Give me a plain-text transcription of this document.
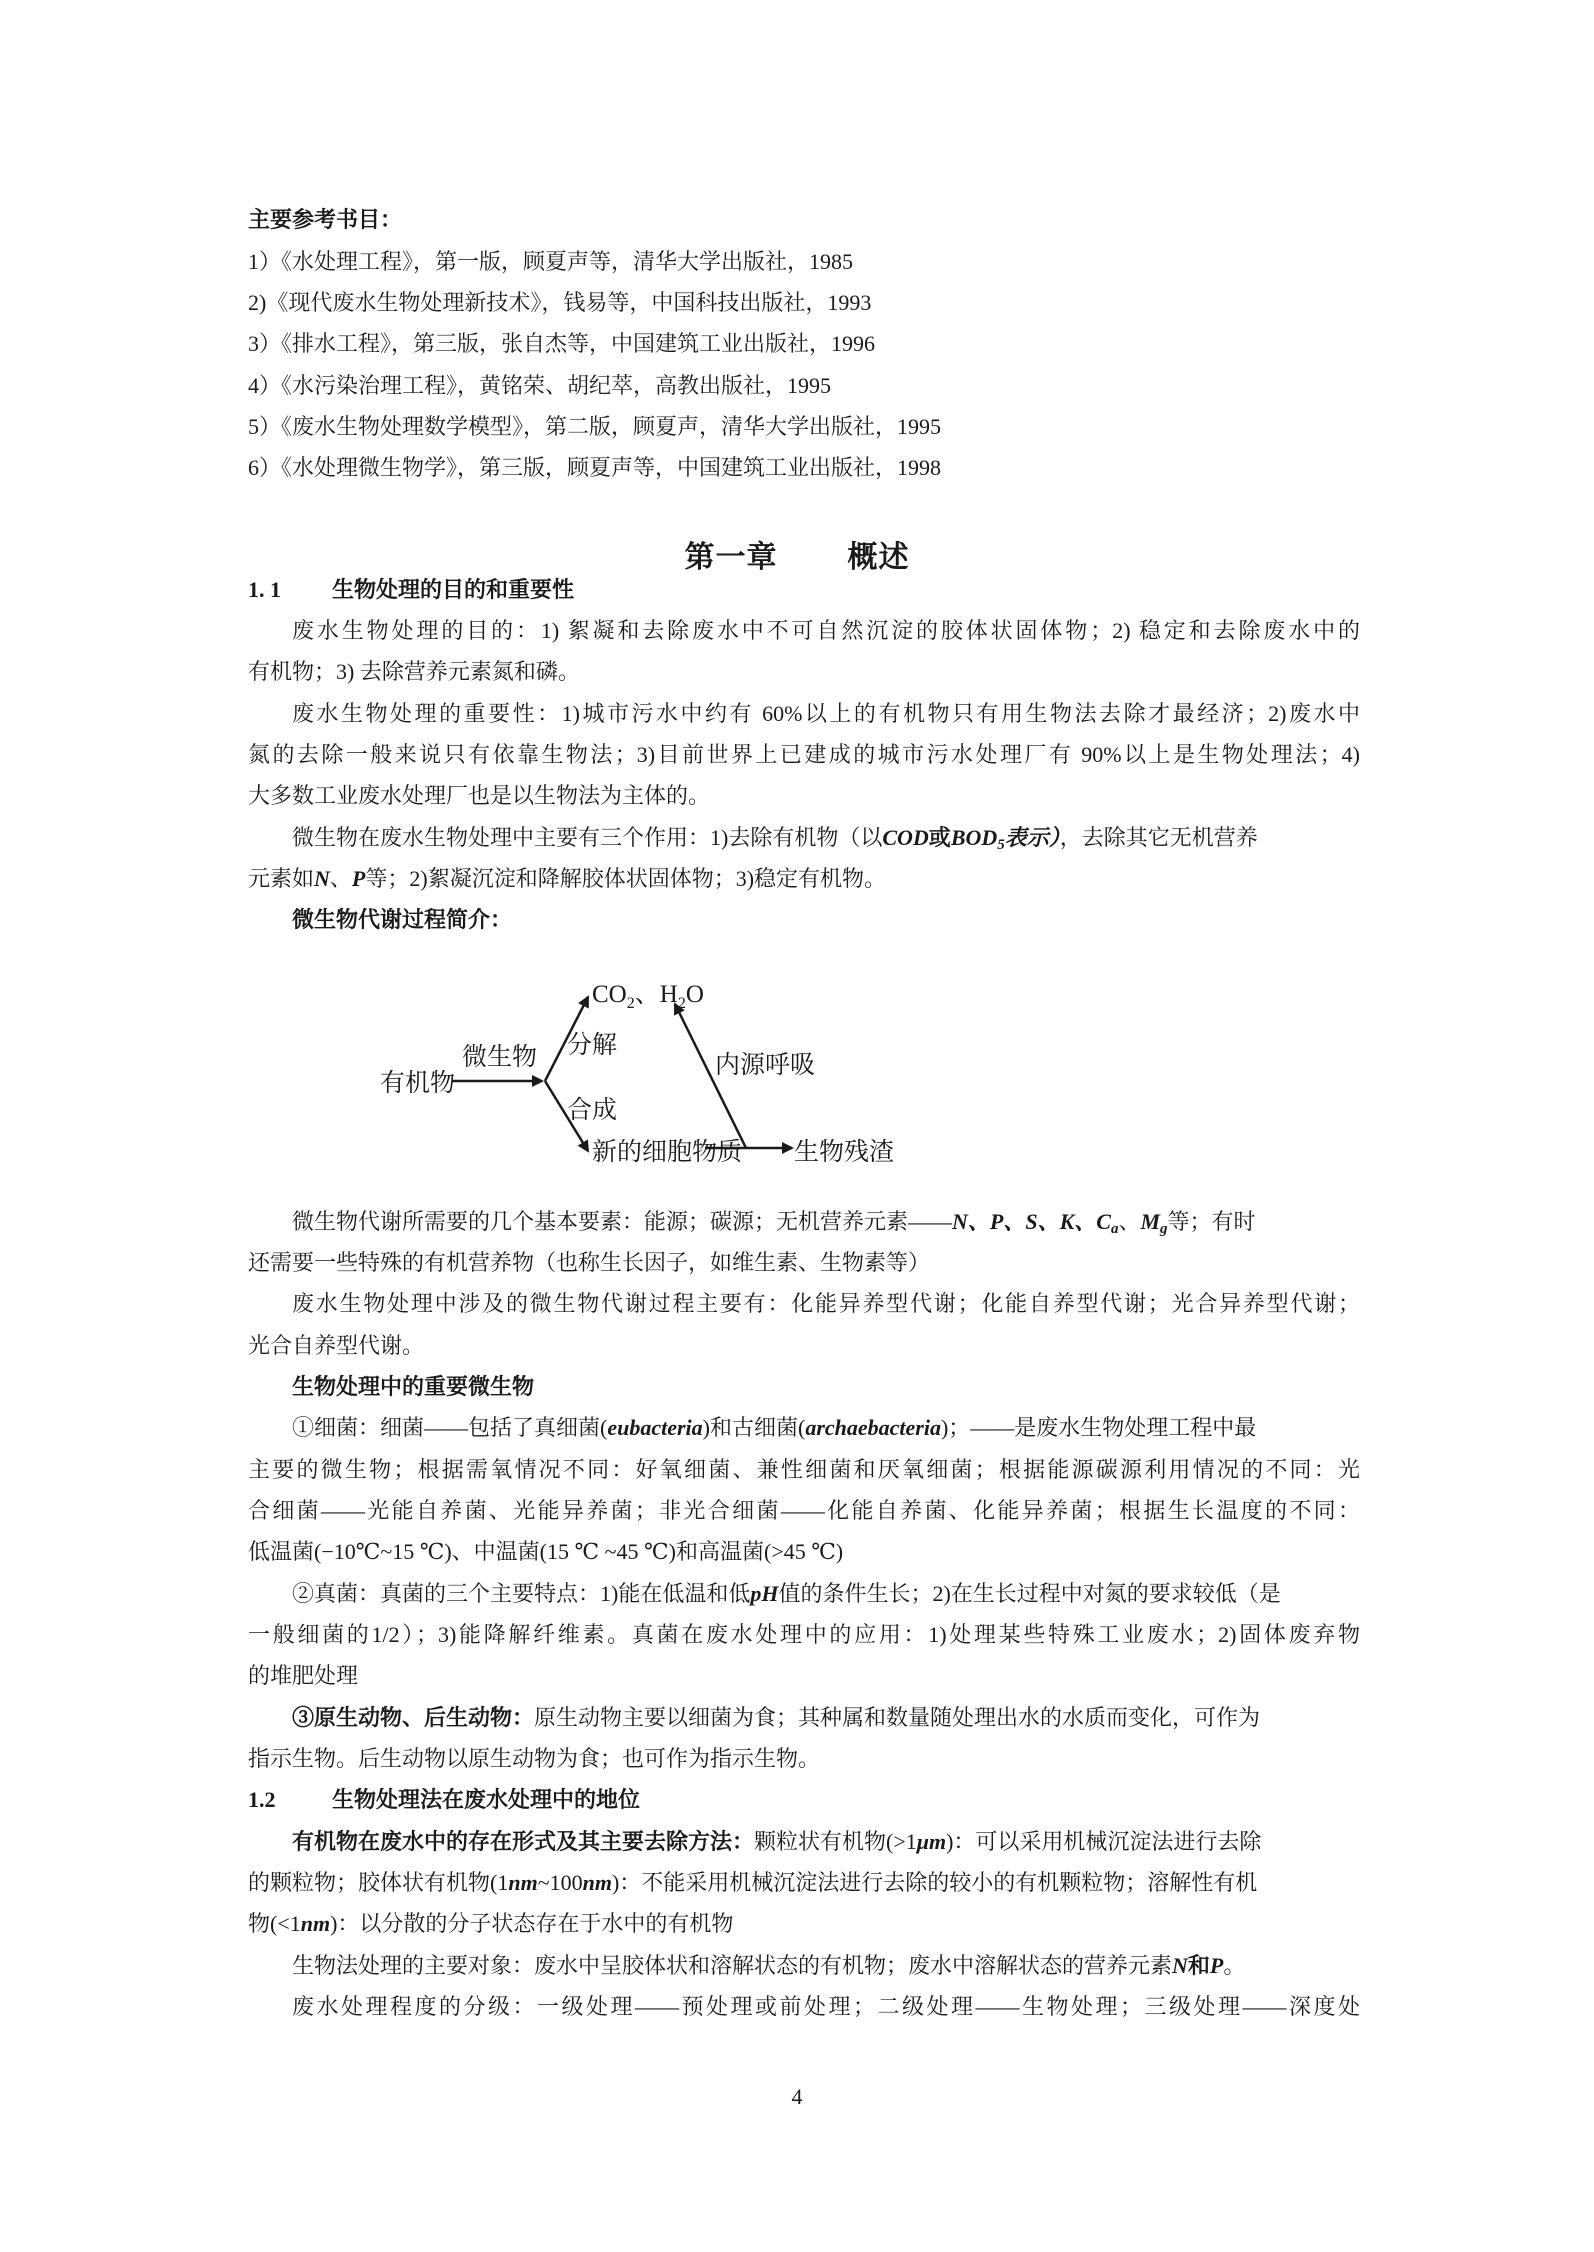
主要参考书目：
1）《水处理工程》，第一版，顾夏声等，清华大学出版社，1985
2)《现代废水生物处理新技术》，钱易等，中国科技出版社，1993
3）《排水工程》，第三版，张自杰等，中国建筑工业出版社，1996
4）《水污染治理工程》，黄铭荣、胡纪萃，高教出版社，1995
5）《废水生物处理数学模型》，第二版，顾夏声，清华大学出版社，1995
6）《水处理微生物学》，第三版，顾夏声等，中国建筑工业出版社，1998
第一章 概述
1. 1 生物处理的目的和重要性
废水生物处理的目的：1) 絮凝和去除废水中不可自然沉淀的胶体状固体物；2) 稳定和去除废水中的
有机物；3) 去除营养元素氮和磷。
废水生物处理的重要性：1)城市污水中约有 60%以上的有机物只有用生物法去除才最经济；2)废水中
氮的去除一般来说只有依靠生物法；3)目前世界上已建成的城市污水处理厂有 90%以上是生物处理法；4)
大多数工业废水处理厂也是以生物法为主体的。
微生物在废水生物处理中主要有三个作用：1)去除有机物（以COD或$BOD_5$表示），去除其它无机营养
元素如N、P等；2)絮凝沉淀和降解胶体状固体物；3)稳定有机物。
微生物代谢过程简介：
有机物
微生物 分解
合成
$CO_2$、$H_2O$
内源呼吸
新的细胞物质 生物残渣
微生物代谢所需要的几个基本要素：能源；碳源；无机营养元素——N、P、S、K、$C_a$、$M_g$等；有时
还需要一些特殊的有机营养物（也称生长因子，如维生素、生物素等）
废水生物处理中涉及的微生物代谢过程主要有：化能异养型代谢；化能自养型代谢；光合异养型代谢；
光合自养型代谢。
生物处理中的重要微生物
①细菌：细菌——包括了真细菌(eubacteria)和古细菌(archaebacteria)；——是废水生物处理工程中最
主要的微生物；根据需氧情况不同：好氧细菌、兼性细菌和厌氧细菌；根据能源碳源利用情况的不同：光
合细菌——光能自养菌、光能异养菌；非光合细菌——化能自养菌、化能异养菌；根据生长温度的不同：
低温菌(−10℃~15 ℃)、中温菌(15 ℃ ~45 ℃)和高温菌(>45 ℃)
②真菌：真菌的三个主要特点：1)能在低温和低pH值的条件生长；2)在生长过程中对氮的要求较低（是
一般细菌的1/2）；3)能降解纤维素。真菌在废水处理中的应用：1)处理某些特殊工业废水；2)固体废弃物
的堆肥处理
③原生动物、后生动物：原生动物主要以细菌为食；其种属和数量随处理出水的水质而变化，可作为
指示生物。后生动物以原生动物为食；也可作为指示生物。
1.2	生物处理法在废水处理中的地位
有机物在废水中的存在形式及其主要去除方法：颗粒状有机物(>1μm)：可以采用机械沉淀法进行去除
的颗粒物；胶体状有机物(1nm~100nm)：不能采用机械沉淀法进行去除的较小的有机颗粒物；溶解性有机
物(<1nm)：以分散的分子状态存在于水中的有机物
生物法处理的主要对象：废水中呈胶体状和溶解状态的有机物；废水中溶解状态的营养元素N和P。
废水处理程度的分级：一级处理——预处理或前处理；二级处理——生物处理；三级处理——深度处
4
